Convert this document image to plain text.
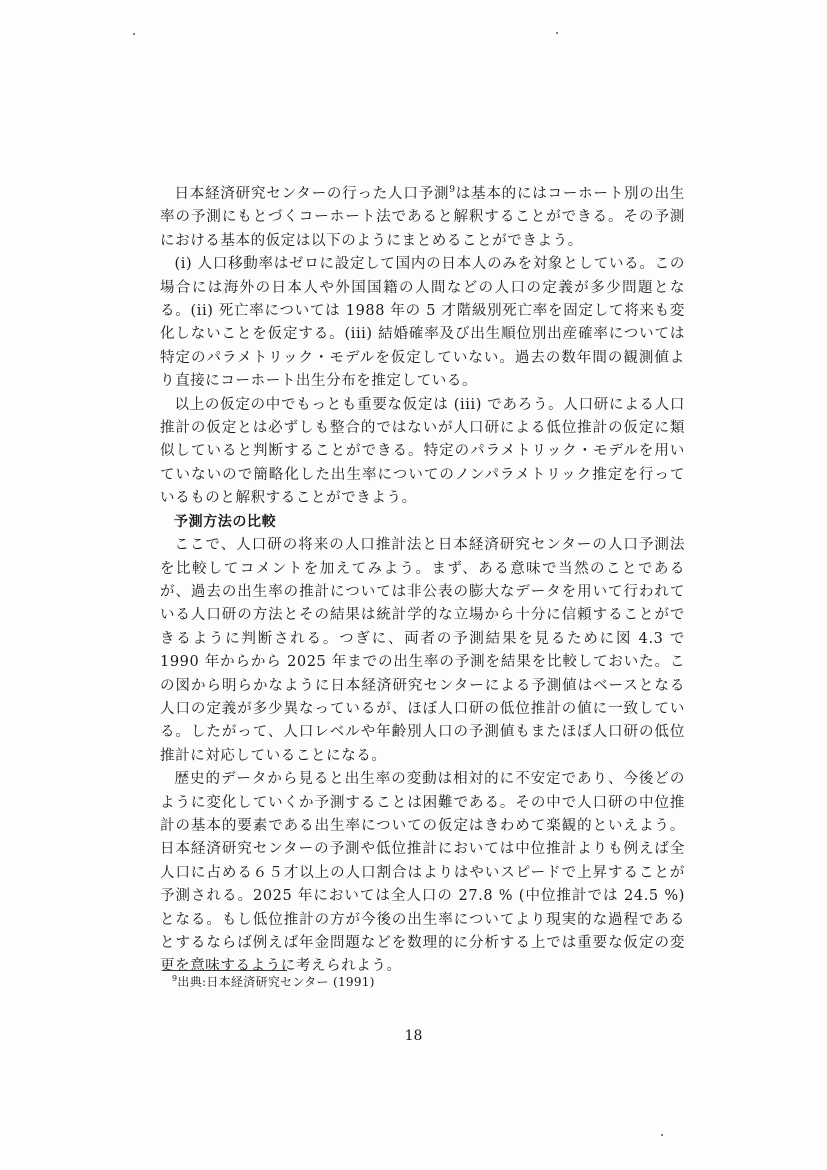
日本経済研究センターの行った人口予測$^9$は基本的にはコーホート別の出生率の予測にもとづくコーホート法であると解釈することができる。その予測における基本的仮定は以下のようにまとめることができよう。

(i) 人口移動率はゼロに設定して国内の日本人のみを対象としている。この場合には海外の日本人や外国国籍の人間などの人口の定義が多少問題となる。(ii) 死亡率については 1988 年の 5 才階級別死亡率を固定して将来も変化しないことを仮定する。(iii) 結婚確率及び出生順位別出産確率については特定のパラメトリック・モデルを仮定していない。過去の数年間の観測値より直接にコーホート出生分布を推定している。

以上の仮定の中でもっとも重要な仮定は (iii) であろう。人口研による人口推計の仮定とは必ずしも整合的ではないが人口研による低位推計の仮定に類似していると判断することができる。特定のパラメトリック・モデルを用いていないので簡略化した出生率についてのノンパラメトリック推定を行っているものと解釈することができよう。

予測方法の比較

ここで、人口研の将来の人口推計法と日本経済研究センターの人口予測法を比較してコメントを加えてみよう。まず、ある意味で当然のことであるが、過去の出生率の推計については非公表の膨大なデータを用いて行われている人口研の方法とその結果は統計学的な立場から十分に信頼することができるように判断される。つぎに、両者の予測結果を見るために図 4.3 で 1990 年からから 2025 年までの出生率の予測を結果を比較しておいた。この図から明らかなように日本経済研究センターによる予測値はベースとなる人口の定義が多少異なっているが、ほぼ人口研の低位推計の値に一致している。したがって、人口レベルや年齢別人口の予測値もまたほぼ人口研の低位推計に対応していることになる。

歴史的データから見ると出生率の変動は相対的に不安定であり、今後どのように変化していくか予測することは困難である。その中で人口研の中位推計の基本的要素である出生率についての仮定はきわめて楽観的といえよう。日本経済研究センターの予測や低位推計においては中位推計よりも例えば全人口に占める６５才以上の人口割合はよりはやいスピードで上昇することが予測される。2025 年においては全人口の 27.8 % (中位推計では 24.5 %) となる。もし低位推計の方が今後の出生率についてより現実的な過程であるとするならば例えば年金問題などを数理的に分析する上では重要な仮定の変更を意味するように考えられよう。

$^9$出典:日本経済研究センター (1991)
18
